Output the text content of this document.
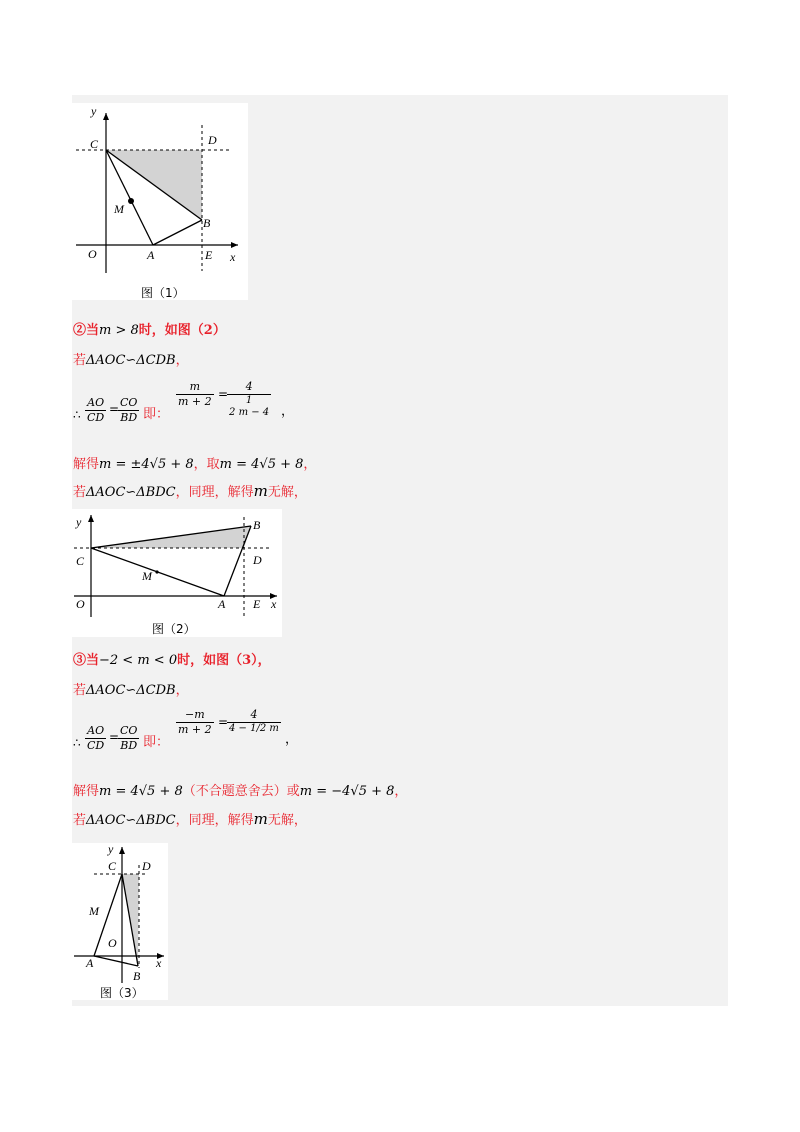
y
C	D
M
B
O	A	E x
图（1）
②当m > 8时，如图（2）
若ΔAOC∽ΔCDB，
∴ $\frac{AO}{CD}$ =
$\frac{CO}{BD}$ 即：
$\frac{m}{m + 2}$ =
4
1
2 m − 4 ，
解得m = ±4√5 + 8，取m = 4√5 + 8，
若ΔAOC∽ΔBDC，同理，解得m无解，
y
C
M
B
D
O	A E x
图（2）
③当−2 < m < 0时，如图（3），
若ΔAOC∽ΔCDB，
∴ $\frac{AO}{CD}$ =
$\frac{CO}{BD}$ 即：
$\frac{-m}{m + 2}$ =
$\frac{4}{4 - 1/2 m}$
，
解得m = 4√5 + 8（不合题意舍去）或m = −4√5 + 8，
若ΔAOC∽ΔBDC，同理，解得m无解，
y
C D
M
O
A
B
x
图（3）
